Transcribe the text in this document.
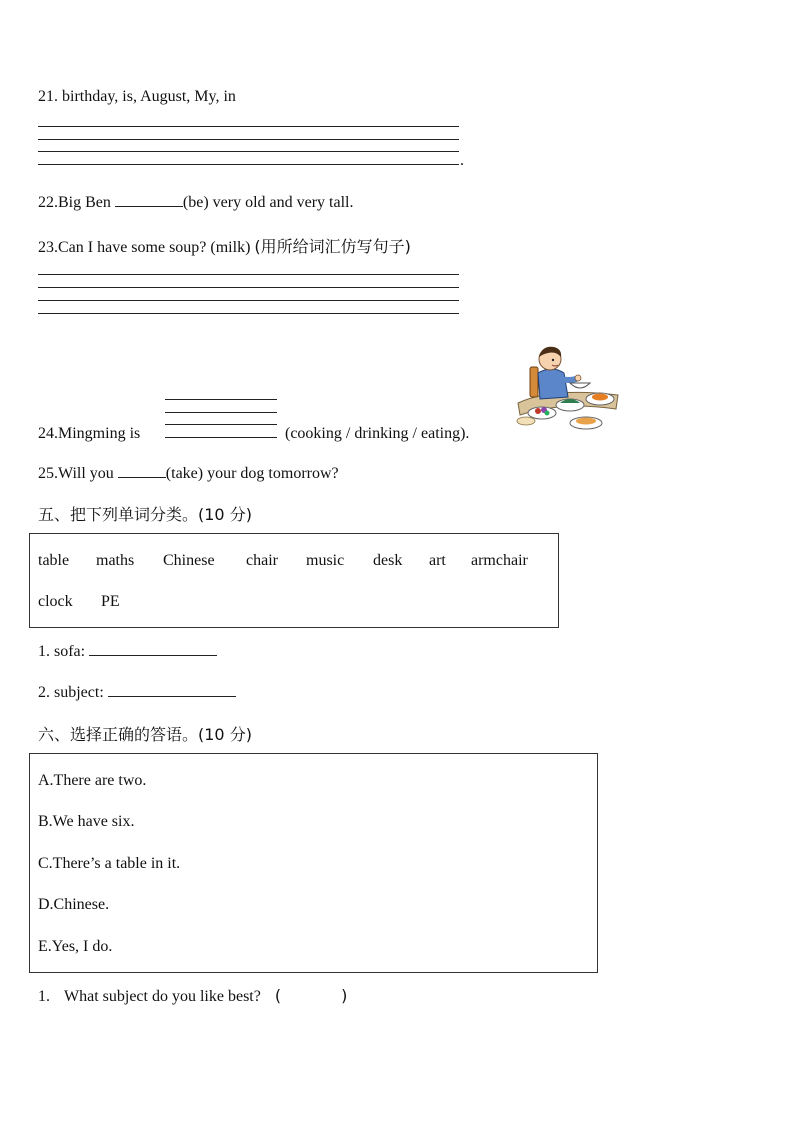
21. birthday, is, August, My, in
.
22.Big Ben	(be) very old and very tall.
23.Can I have some soup? (milk) (用所给词汇仿写句子)
24.Mingming is	(cooking / drinking / eating).
25.Will you	(take) your dog tomorrow?
五、把下列单词分类。(10 分)
table maths Chinese chair music desk art armchair
clock PE
1. sofa:
2. subject:
六、选择正确的答语。(10 分)
A.There are two.
B.We have six.
C.There’s a table in it.
D.Chinese.
E.Yes, I do.
1. What subject do you like best? (	)
